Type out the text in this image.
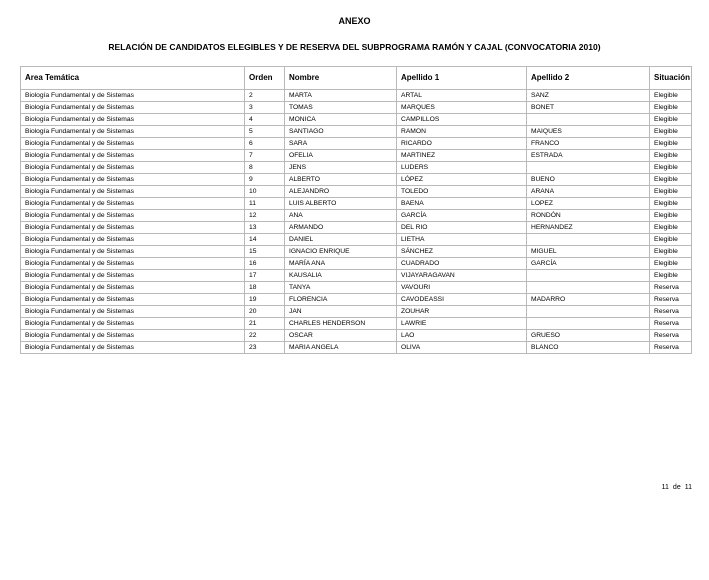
ANEXO
RELACIÓN DE CANDIDATOS ELEGIBLES Y DE RESERVA DEL SUBPROGRAMA RAMÓN Y CAJAL (CONVOCATORIA 2010)
Area Temática	Orden	Nombre	Apellido 1	Apellido 2	Situación
Biología Fundamental y de Sistemas	2	MARTA	ARTAL	SANZ	Elegible
Biología Fundamental y de Sistemas	3	TOMAS	MARQUES	BONET	Elegible
Biología Fundamental y de Sistemas	4	MONICA	CAMPILLOS		Elegible
Biología Fundamental y de Sistemas	5	SANTIAGO	RAMON	MAIQUES	Elegible
Biología Fundamental y de Sistemas	6	SARA	RICARDO	FRANCO	Elegible
Biología Fundamental y de Sistemas	7	OFELIA	MARTINEZ	ESTRADA	Elegible
Biología Fundamental y de Sistemas	8	JENS	LUDERS		Elegible
Biología Fundamental y de Sistemas	9	ALBERTO	LÓPEZ	BUENO	Elegible
Biología Fundamental y de Sistemas	10	ALEJANDRO	TOLEDO	ARANA	Elegible
Biología Fundamental y de Sistemas	11	LUIS ALBERTO	BAENA	LOPEZ	Elegible
Biología Fundamental y de Sistemas	12	ANA	GARCÍA	RONDÓN	Elegible
Biología Fundamental y de Sistemas	13	ARMANDO	DEL RIO	HERNANDEZ	Elegible
Biología Fundamental y de Sistemas	14	DANIEL	LIETHA		Elegible
Biología Fundamental y de Sistemas	15	IGNACIO ENRIQUE	SÁNCHEZ	MIGUEL	Elegible
Biología Fundamental y de Sistemas	16	MARÍA ANA	CUADRADO	GARCÍA	Elegible
Biología Fundamental y de Sistemas	17	KAUSALIA	VIJAYARAGAVAN		Elegible
Biología Fundamental y de Sistemas	18	TANYA	VAVOURI		Reserva
Biología Fundamental y de Sistemas	19	FLORENCIA	CAVODEASSI	MADARRO	Reserva
Biología Fundamental y de Sistemas	20	JAN	ZOUHAR		Reserva
Biología Fundamental y de Sistemas	21	CHARLES HENDERSON	LAWRIE		Reserva
Biología Fundamental y de Sistemas	22	OSCAR	LAO	GRUESO	Reserva
Biología Fundamental y de Sistemas	23	MARIA ANGELA	OLIVA	BLANCO	Reserva
11 de 11
